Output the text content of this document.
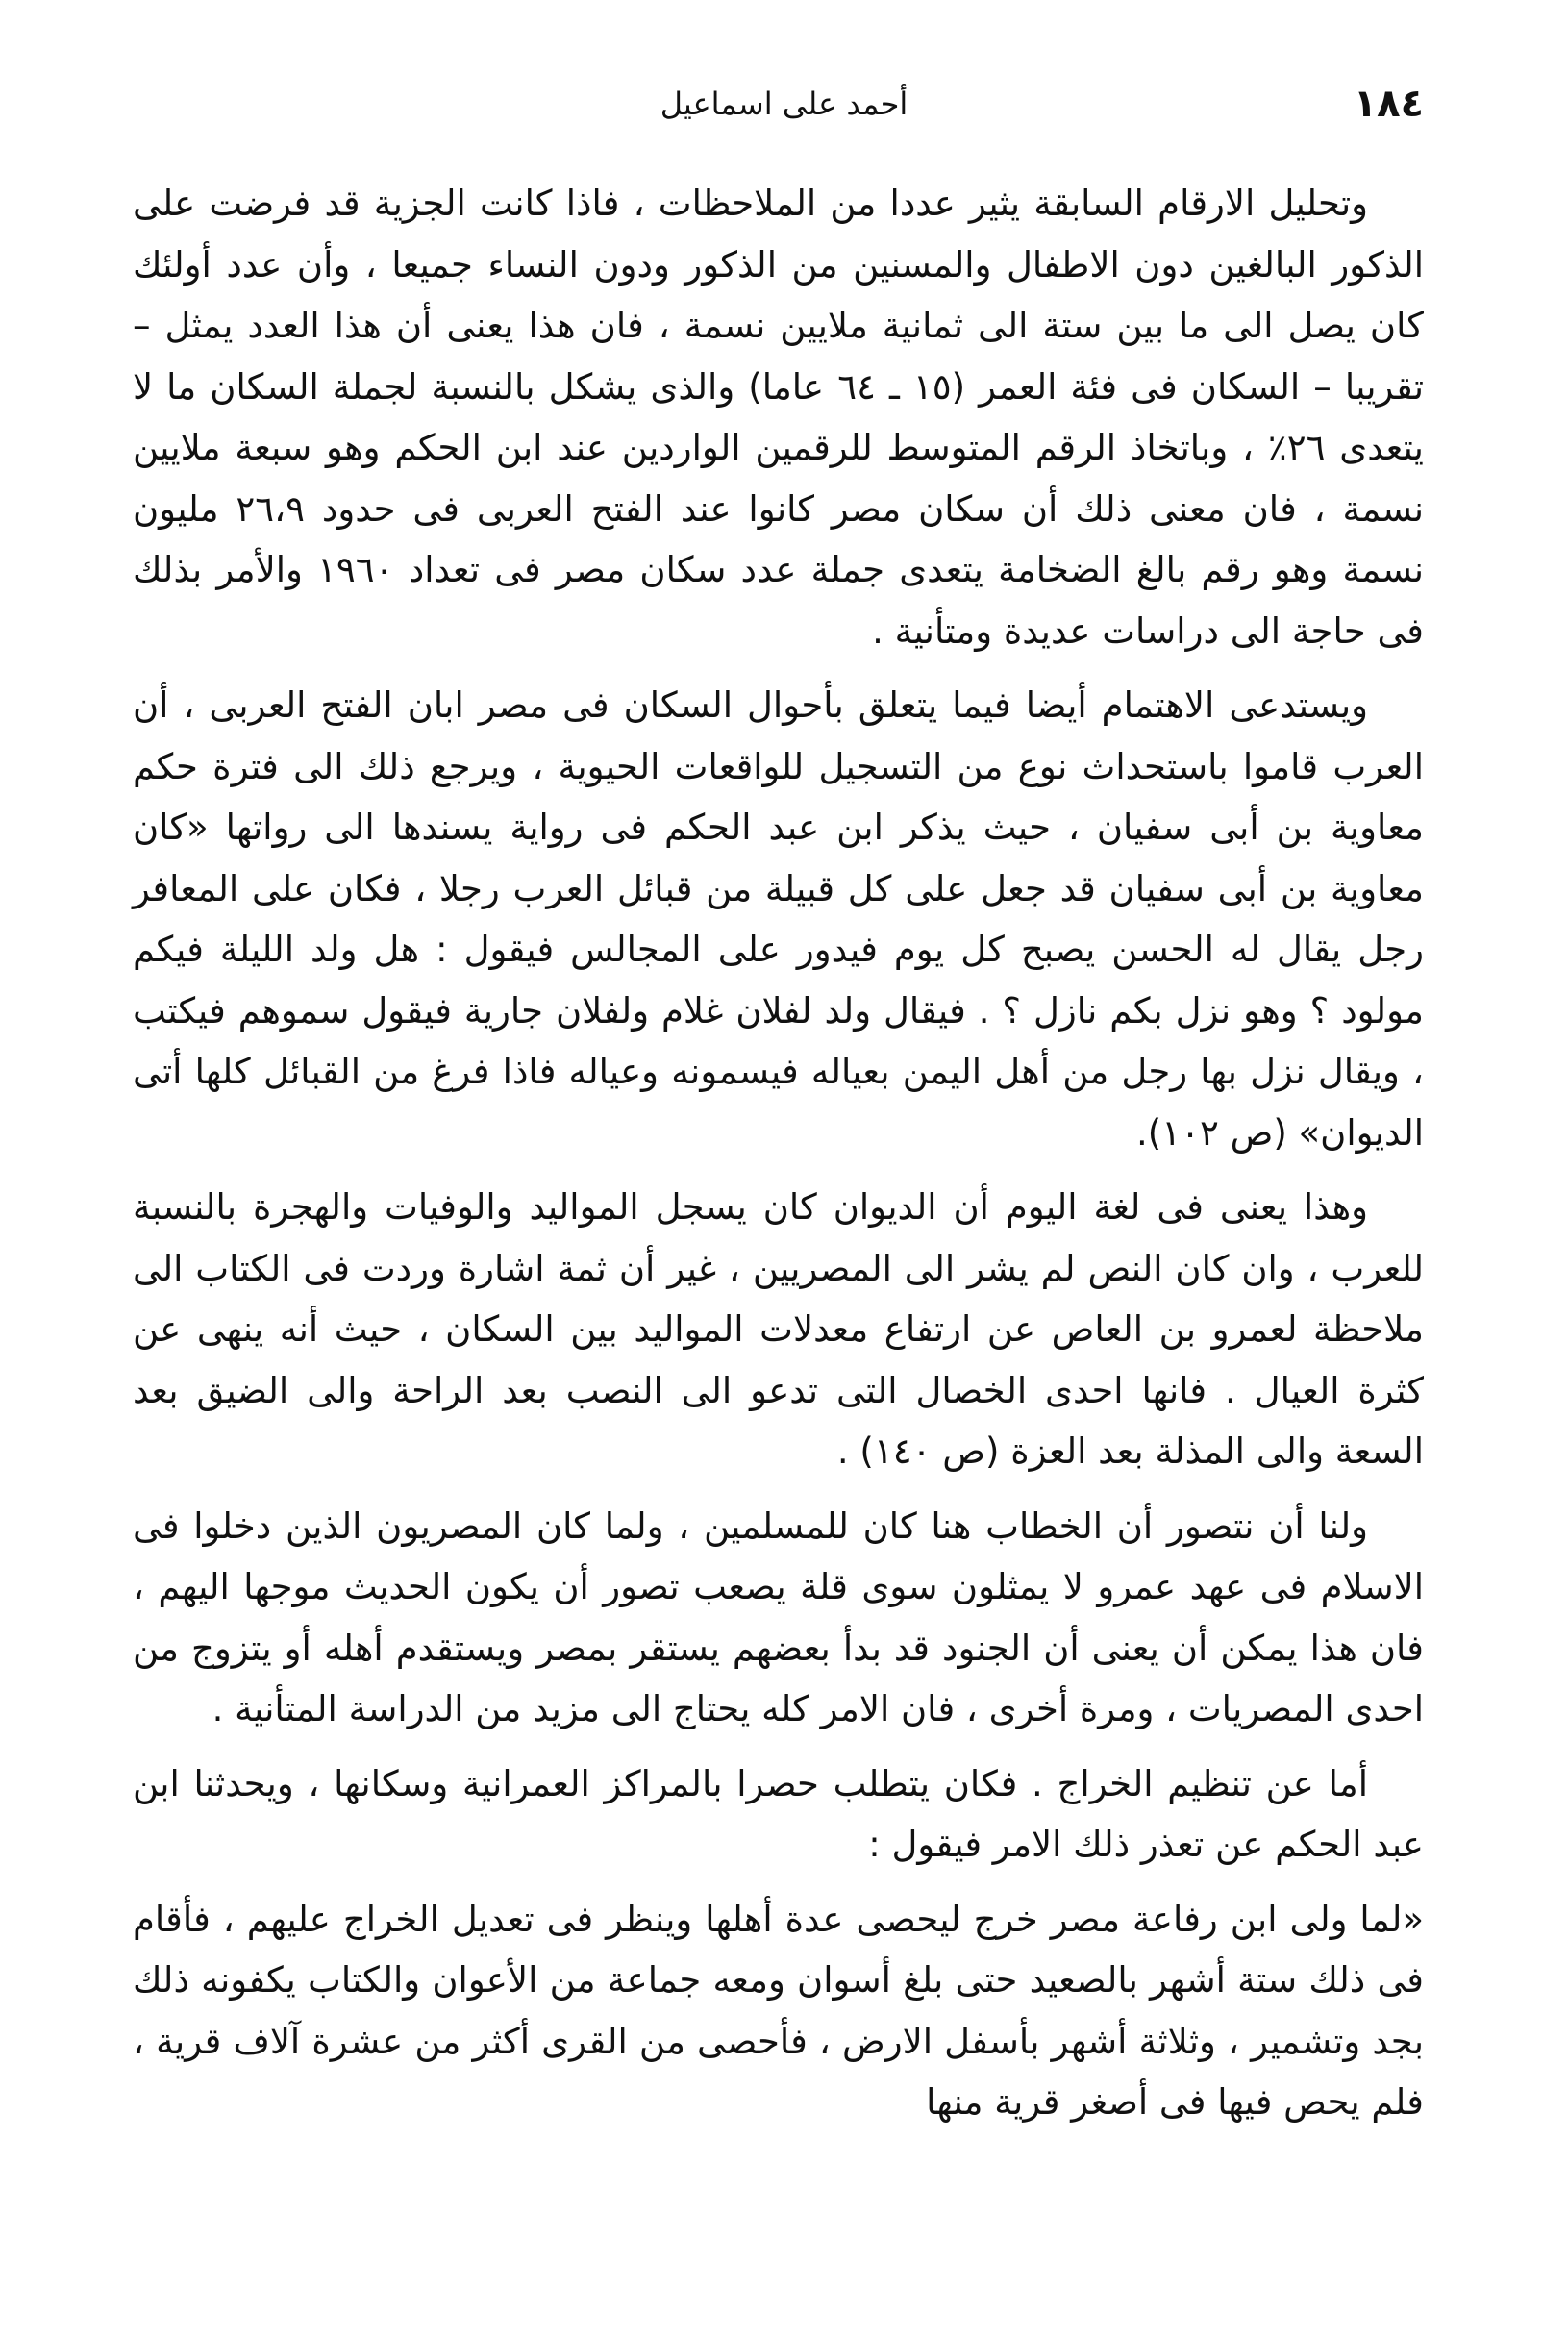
١٨٤
أحمد على اسماعيل

وتحليل الارقام السابقة يثير عددا من الملاحظات ، فاذا كانت الجزية قد فرضت على الذكور البالغين دون الاطفال والمسنين من الذكور ودون النساء جميعا ، وأن عدد أولئك كان يصل الى ما بين ستة الى ثمانية ملايين نسمة ، فان هذا يعنى أن هذا العدد يمثل – تقريبا – السكان فى فئة العمر (١٥ ـ ٦٤ عاما) والذى يشكل بالنسبة لجملة السكان ما لا يتعدى ٢٦٪ ، وباتخاذ الرقم المتوسط للرقمين الواردين عند ابن الحكم وهو سبعة ملايين نسمة ، فان معنى ذلك أن سكان مصر كانوا عند الفتح العربى فى حدود ٢٦،٩ مليون نسمة وهو رقم بالغ الضخامة يتعدى جملة عدد سكان مصر فى تعداد ١٩٦٠ والأمر بذلك فى حاجة الى دراسات عديدة ومتأنية .

ويستدعى الاهتمام أيضا فيما يتعلق بأحوال السكان فى مصر ابان الفتح العربى ، أن العرب قاموا باستحداث نوع من التسجيل للواقعات الحيوية ، ويرجع ذلك الى فترة حكم معاوية بن أبى سفيان ، حيث يذكر ابن عبد الحكم فى رواية يسندها الى رواتها «كان معاوية بن أبى سفيان قد جعل على كل قبيلة من قبائل العرب رجلا ، فكان على المعافر رجل يقال له الحسن يصبح كل يوم فيدور على المجالس فيقول : هل ولد الليلة فيكم مولود ؟ وهو نزل بكم نازل ؟ . فيقال ولد لفلان غلام ولفلان جارية فيقول سموهم فيكتب ، ويقال نزل بها رجل من أهل اليمن بعياله فيسمونه وعياله فاذا فرغ من القبائل كلها أتى الديوان» (ص ١٠٢).

وهذا يعنى فى لغة اليوم أن الديوان كان يسجل المواليد والوفيات والهجرة بالنسبة للعرب ، وان كان النص لم يشر الى المصريين ، غير أن ثمة اشارة وردت فى الكتاب الى ملاحظة لعمرو بن العاص عن ارتفاع معدلات المواليد بين السكان ، حيث أنه ينهى عن كثرة العيال . فانها احدى الخصال التى تدعو الى النصب بعد الراحة والى الضيق بعد السعة والى المذلة بعد العزة (ص ١٤٠) .

ولنا أن نتصور أن الخطاب هنا كان للمسلمين ، ولما كان المصريون الذين دخلوا فى الاسلام فى عهد عمرو لا يمثلون سوى قلة يصعب تصور أن يكون الحديث موجها اليهم ، فان هذا يمكن أن يعنى أن الجنود قد بدأ بعضهم يستقر بمصر ويستقدم أهله أو يتزوج من احدى المصريات ، ومرة أخرى ، فان الامر كله يحتاج الى مزيد من الدراسة المتأنية .

أما عن تنظيم الخراج . فكان يتطلب حصرا بالمراكز العمرانية وسكانها ، ويحدثنا ابن عبد الحكم عن تعذر ذلك الامر فيقول :

«لما ولى ابن رفاعة مصر خرج ليحصى عدة أهلها وينظر فى تعديل الخراج عليهم ، فأقام فى ذلك ستة أشهر بالصعيد حتى بلغ أسوان ومعه جماعة من الأعوان والكتاب يكفونه ذلك بجد وتشمير ، وثلاثة أشهر بأسفل الارض ، فأحصى من القرى أكثر من عشرة آلاف قرية ، فلم يحص فيها فى أصغر قرية منها
